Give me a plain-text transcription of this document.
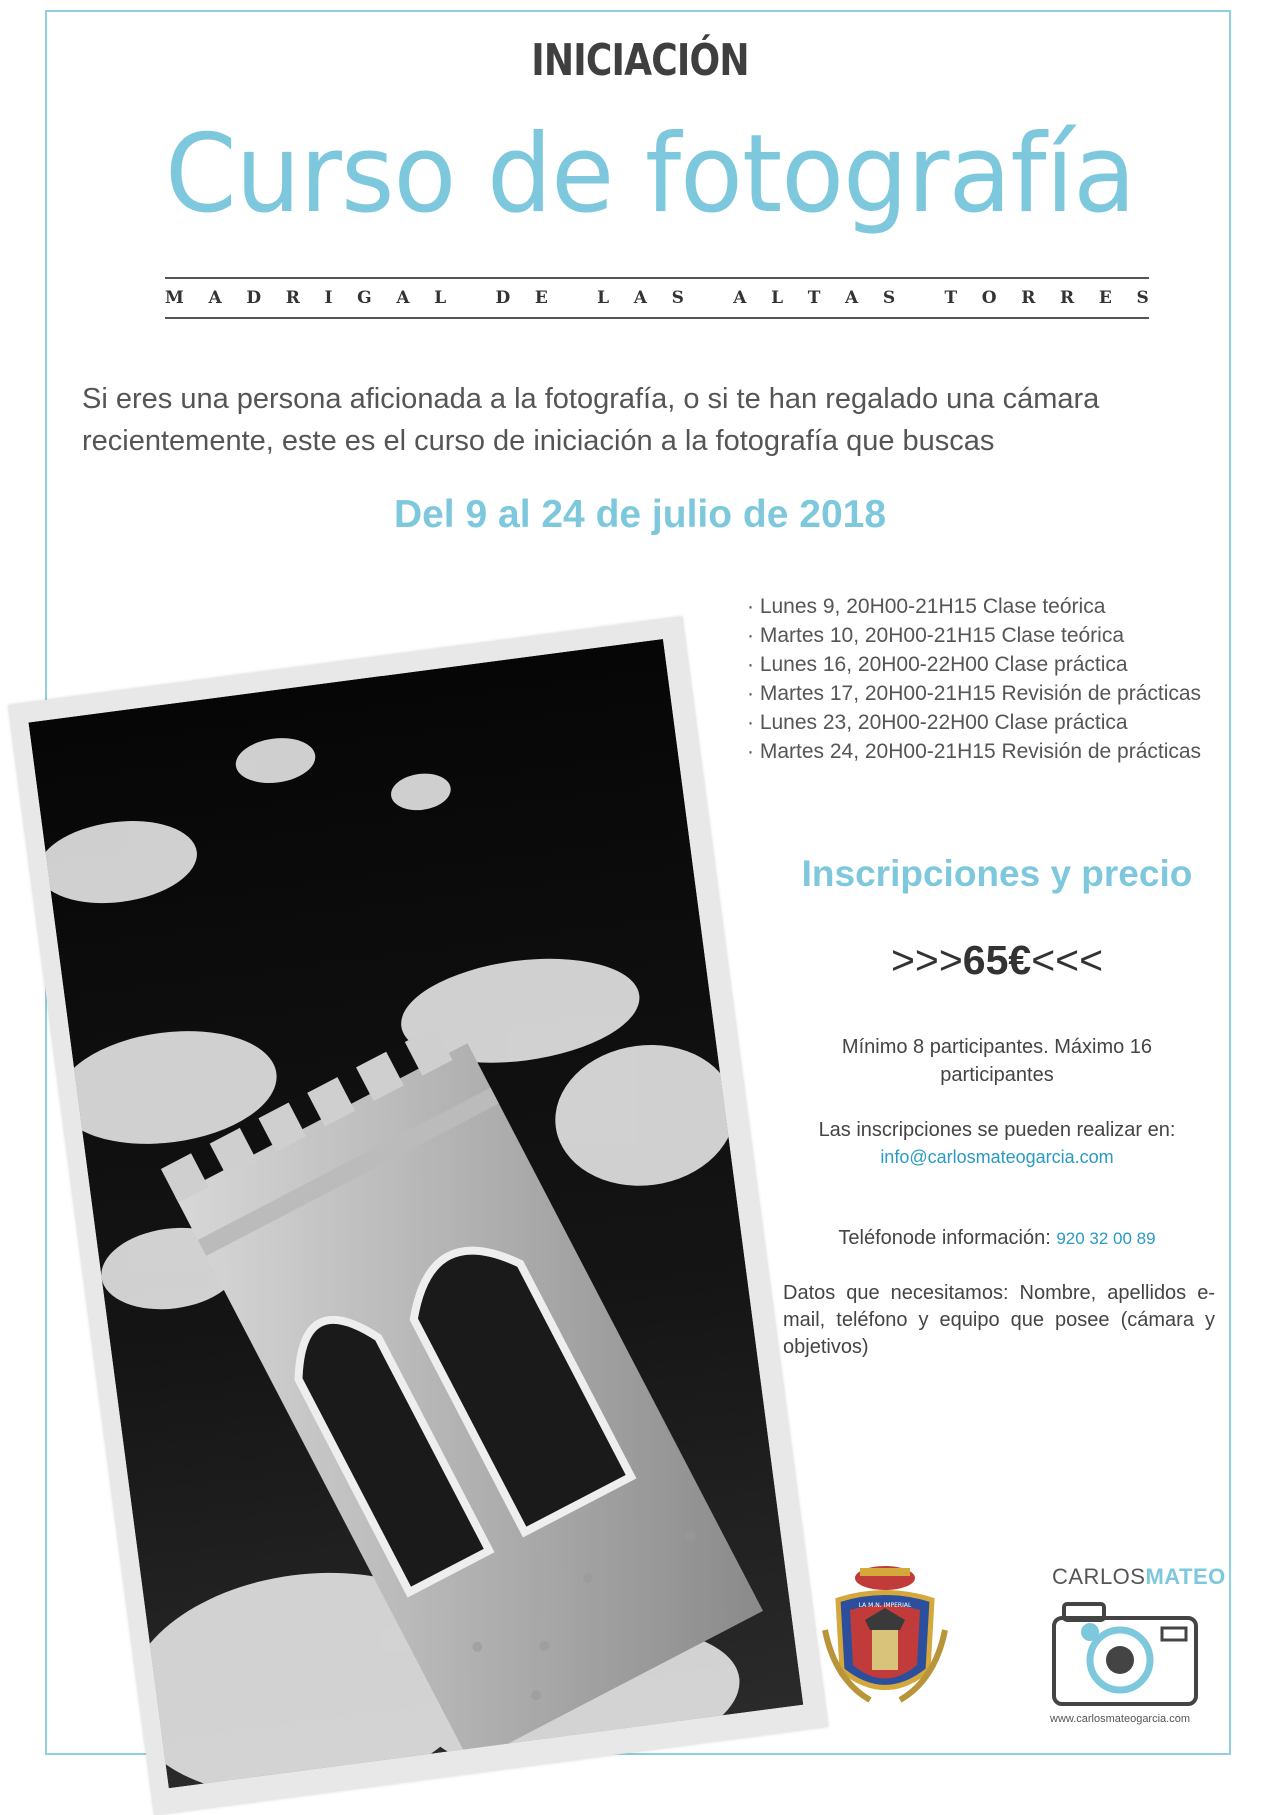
INICIACIÓN
Curso de fotografía
M A D R I G A L	D E	L A S	A L T A S	T O R R E S
Si eres una persona aficionada a la fotografía, o si te han regalado una cámara
recientemente, este es el curso de iniciación a la fotografía que buscas
Del 9 al 24 de julio de 2018
· Lunes 9, 20H00-21H15 Clase teórica
· Martes 10, 20H00-21H15 Clase teórica
· Lunes 16, 20H00-22H00 Clase práctica
· Martes 17, 20H00-21H15 Revisión de prácticas
· Lunes 23, 20H00-22H00 Clase práctica
· Martes 24, 20H00-21H15 Revisión de prácticas
Inscripciones y precio
>>>65€<<<
Mínimo 8 participantes. Máximo 16
participantes
Las inscripciones se pueden realizar en:
info@carlosmateogarcia.com
Teléfonode información: 920 32 00 89
Datos que necesitamos: Nombre, apellidos e-mail, teléfono y equipo que posee (cámara y objetivos)
LA M.N. IMPERIAL
CARLOSMATEO
www.carlosmateogarcia.com
